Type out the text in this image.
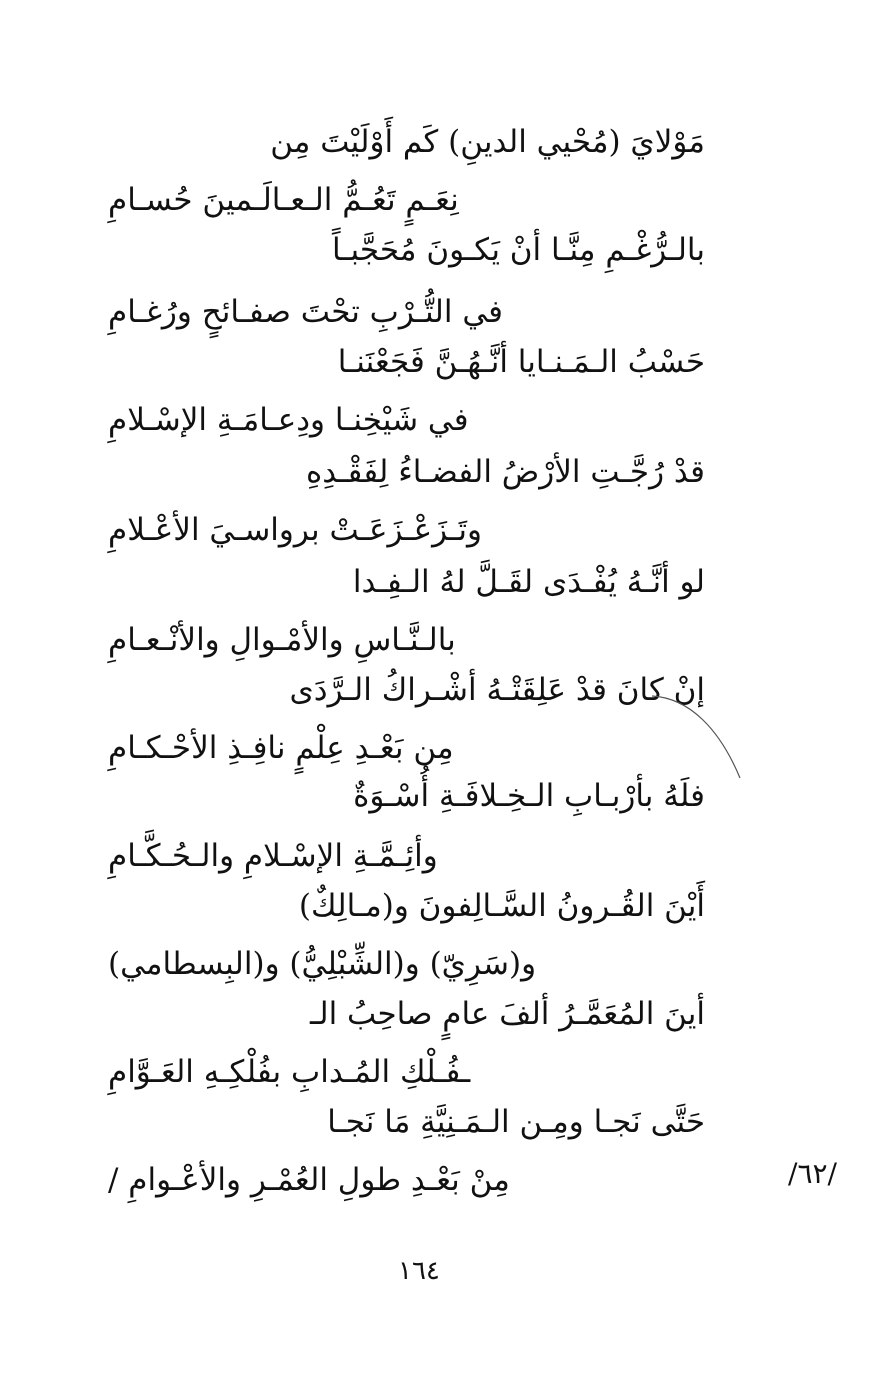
مَوْلايَ (مُحْيي الدينِ) كَم أَوْلَيْتَ مِن
نِعَـمٍ تَعُـمُّ الـعـالَـمينَ حُسـامِ
بالـرُّغْـمِ مِنَّـا أنْ يَكـونَ مُحَجَّبـاً
في التُّـرْبِ تحْتَ صفـائحٍ ورُغـامِ
حَسْبُ الـمَـنـايا أنَّـهُـنَّ فَجَعْنَنـا
في شَيْخِنـا ودِعـامَـةِ الإسْـلامِ
قدْ رُجَّـتِ الأرْضُ الفضـاءُ لِفَقْـدِهِ
وتَـزَعْـزَعَـتْ برواسـيَ الأعْـلامِ
لو أنَّـهُ يُفْـدَى لقَـلَّ لهُ الـفِـدا
بالـنَّـاسِ والأمْـوالِ والأنْـعـامِ
إنْ كانَ قدْ عَلِقَتْـهُ أشْـراكُ الـرَّدَى
مِن بَعْـدِ عِلْمٍ نافِـذِ الأحْـكـامِ
فلَهُ بأرْبـابِ الـخِـلافَـةِ أُسْـوَةٌ
وأئِـمَّـةِ الإسْـلامِ والـحُـكَّـامِ
أَيْنَ القُـرونُ السَّـالِفونَ و(مـالِكٌ)
و(سَرِيّ) و(الشِّبْلِيُّ) و(البِسطامي)
أينَ المُعَمَّـرُ ألفَ عامٍ صاحِبُ الـ
ـفُـلْكِ المُـدابِ بفُلْكِـهِ العَـوَّامِ
حَتَّى نَجـا ومِـن الـمَـنِيَّةِ مَا نَجـا
مِنْ بَعْـدِ طولِ العُمْـرِ والأعْـوامِ /	/٦٢/
١٦٤
